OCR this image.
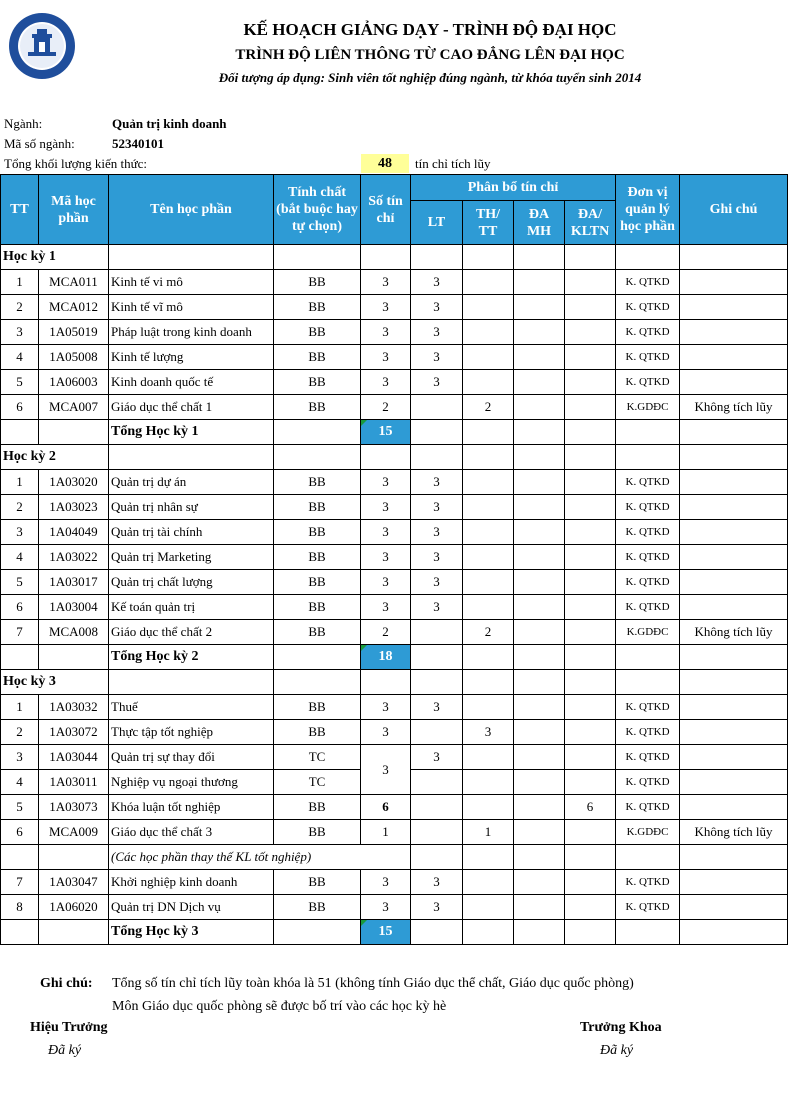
KẾ HOẠCH GIẢNG DẠY - TRÌNH ĐỘ ĐẠI HỌC
TRÌNH ĐỘ LIÊN THÔNG TỪ CAO ĐẲNG LÊN ĐẠI HỌC
Đối tượng áp dụng: Sinh viên tốt nghiệp đúng ngành, từ khóa tuyển sinh 2014
Ngành:	Quản trị kinh doanh
Mã số ngành:	52340101
Tổng khối lượng kiến thức:	48	tín chỉ tích lũy
TT	Mã học phần	Tên học phần	Tính chất (bắt buộc hay tự chọn)	Số tín chỉ	Phân bổ tín chỉ				Đơn vị quản lý học phần	Ghi chú
					LT	TH/ TT	ĐA MH	ĐA/ KLTN		
Học kỳ 1										
1	MCA011	Kinh tế vi mô	BB	3	3				K. QTKD	
2	MCA012	Kinh tế vĩ mô	BB	3	3				K. QTKD	
3	1A05019	Pháp luật trong kinh doanh	BB	3	3				K. QTKD	
4	1A05008	Kinh tế lượng	BB	3	3				K. QTKD	
5	1A06003	Kinh doanh quốc tế	BB	3	3				K. QTKD	
6	MCA007	Giáo dục thể chất 1	BB	2		2			K.GDĐC	Không tích lũy
		Tổng Học kỳ 1		15						
Học kỳ 2										
1	1A03020	Quản trị dự án	BB	3	3				K. QTKD	
2	1A03023	Quản trị nhân sự	BB	3	3				K. QTKD	
3	1A04049	Quản trị tài chính	BB	3	3				K. QTKD	
4	1A03022	Quản trị Marketing	BB	3	3				K. QTKD	
5	1A03017	Quản trị chất lượng	BB	3	3				K. QTKD	
6	1A03004	Kế toán quản trị	BB	3	3				K. QTKD	
7	MCA008	Giáo dục thể chất 2	BB	2		2			K.GDĐC	Không tích lũy
		Tổng Học kỳ 2		18						
Học kỳ 3										
1	1A03032	Thuế	BB	3	3				K. QTKD	
2	1A03072	Thực tập tốt nghiệp	BB	3		3			K. QTKD	
3	1A03044	Quản trị sự thay đổi	TC	3	3				K. QTKD	
4	1A03011	Nghiệp vụ ngoại thương	TC						K. QTKD	
5	1A03073	Khóa luận tốt nghiệp	BB	6				6	K. QTKD	
6	MCA009	Giáo dục thể chất 3	BB	1		1			K.GDĐC	Không tích lũy
		(Các học phần thay thế KL tốt nghiệp)								
7	1A03047	Khởi nghiệp kinh doanh	BB	3	3				K. QTKD	
8	1A06020	Quản trị DN Dịch vụ	BB	3	3				K. QTKD	
		Tổng Học kỳ 3		15						
Ghi chú: Tổng số tín chỉ tích lũy toàn khóa là 51 (không tính Giáo dục thể chất, Giáo dục quốc phòng)
Môn Giáo dục quốc phòng sẽ được bố trí vào các học kỳ hè
Hiệu Trưởng
Đã ký
Trưởng Khoa
Đã ký
